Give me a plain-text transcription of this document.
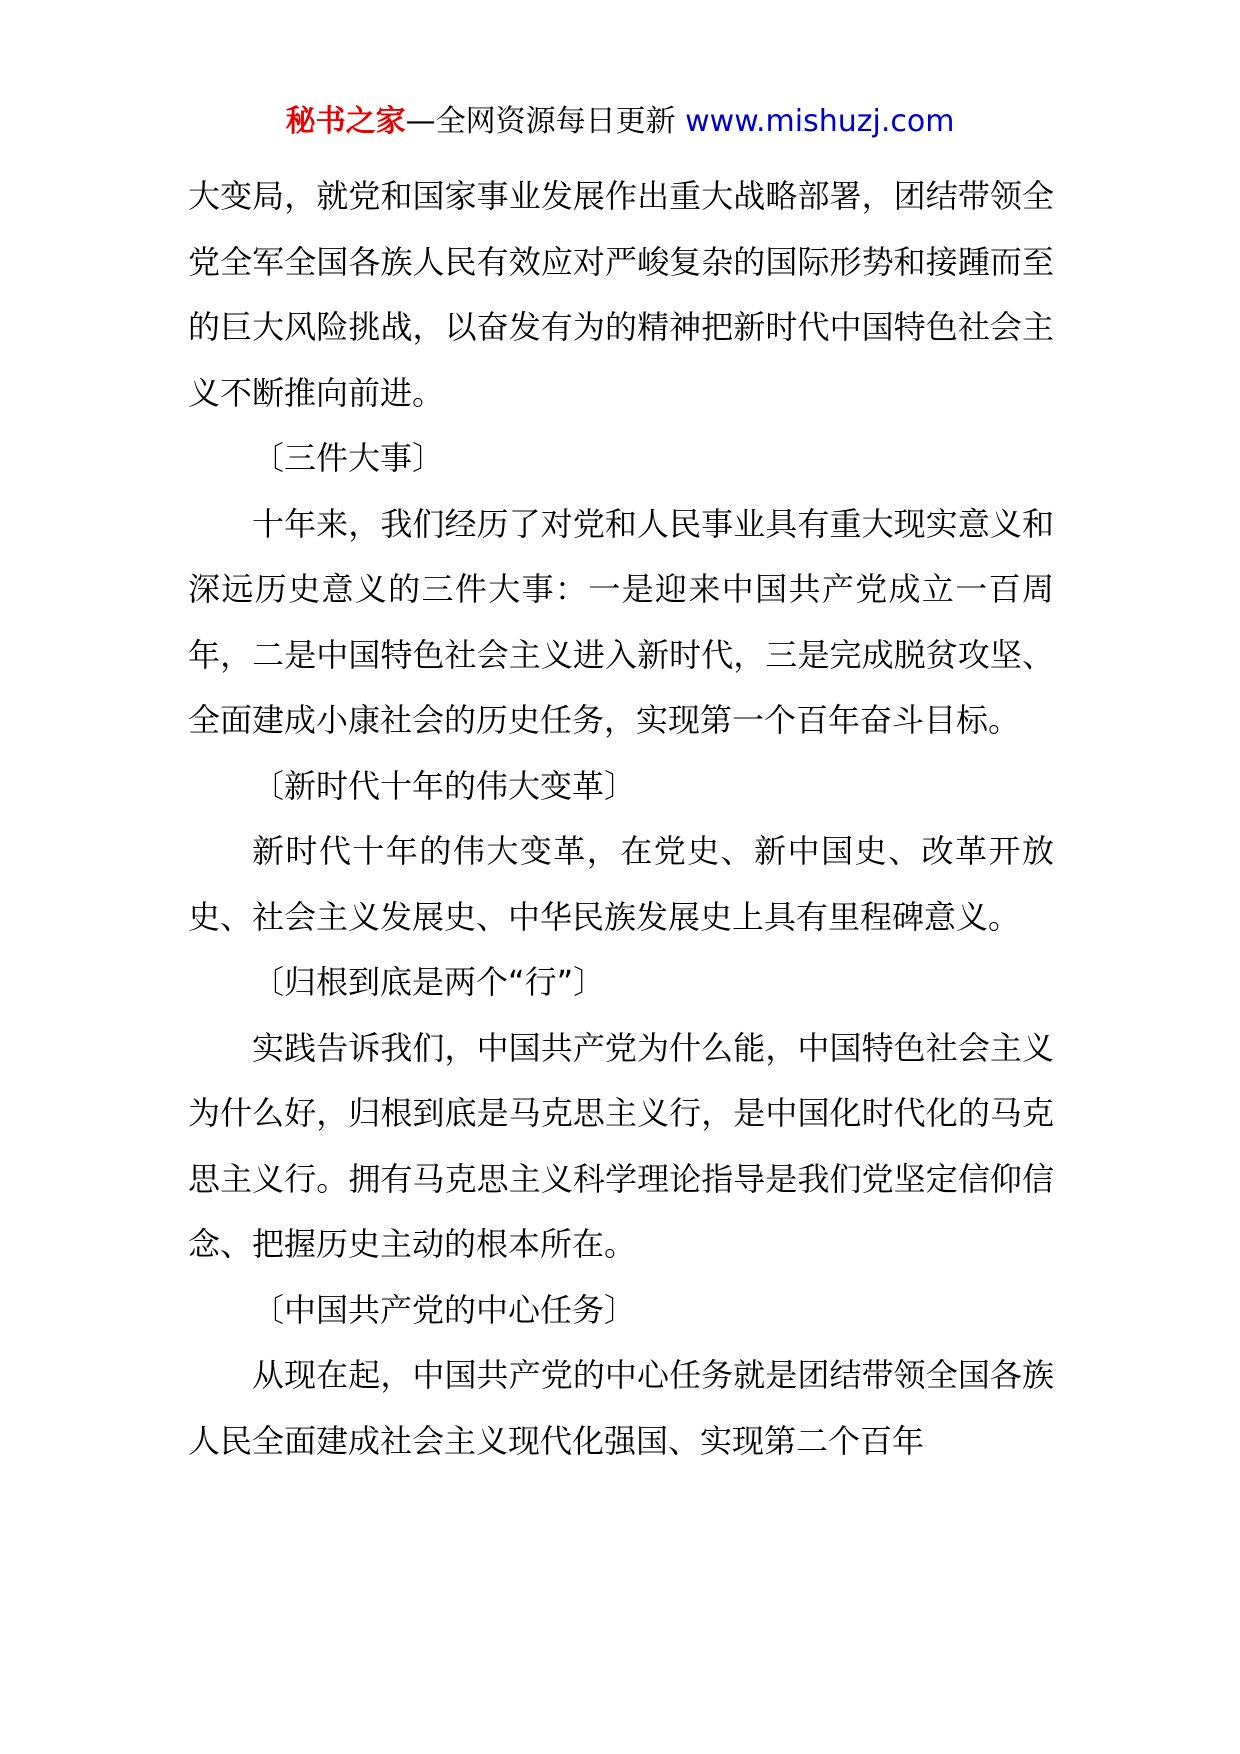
秘书之家—全网资源每日更新 www.mishuzj.com

大变局，就党和国家事业发展作出重大战略部署，团结带领全党全军全国各族人民有效应对严峻复杂的国际形势和接踵而至的巨大风险挑战，以奋发有为的精神把新时代中国特色社会主义不断推向前进。

〔三件大事〕

十年来，我们经历了对党和人民事业具有重大现实意义和深远历史意义的三件大事：一是迎来中国共产党成立一百周年，二是中国特色社会主义进入新时代，三是完成脱贫攻坚、全面建成小康社会的历史任务，实现第一个百年奋斗目标。

〔新时代十年的伟大变革〕

新时代十年的伟大变革，在党史、新中国史、改革开放史、社会主义发展史、中华民族发展史上具有里程碑意义。

〔归根到底是两个“行”〕

实践告诉我们，中国共产党为什么能，中国特色社会主义为什么好，归根到底是马克思主义行，是中国化时代化的马克思主义行。拥有马克思主义科学理论指导是我们党坚定信仰信念、把握历史主动的根本所在。

〔中国共产党的中心任务〕

从现在起，中国共产党的中心任务就是团结带领全国各族人民全面建成社会主义现代化强国、实现第二个百年
